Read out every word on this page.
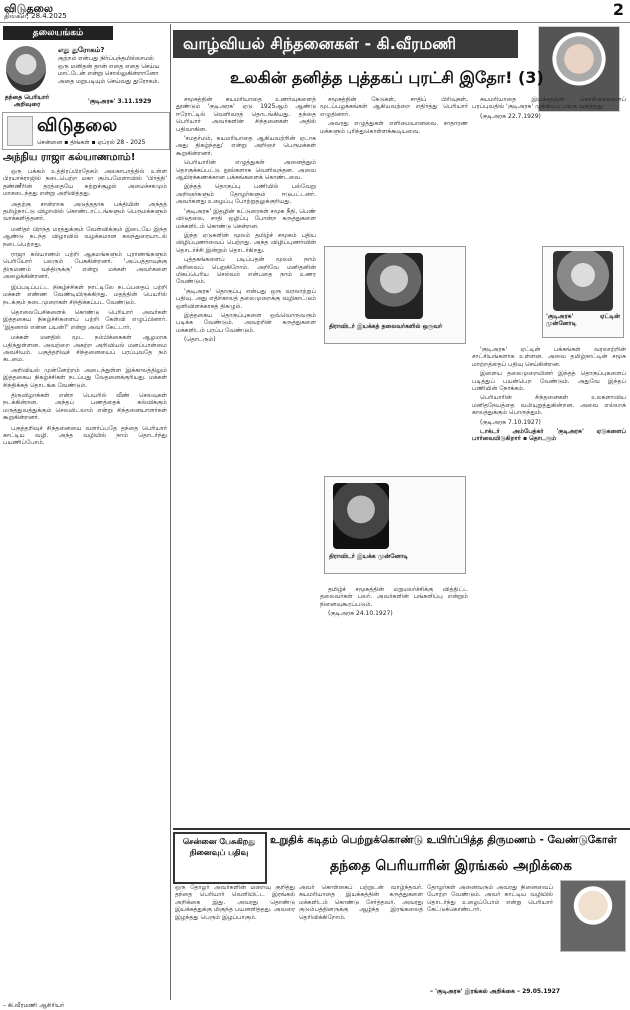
விடுதலை
திங்கள், 28.4.2025	2
தலையங்கம்
தந்தை பெரியார் அறிவுரை
எது துரோகம்?
குற்றம் என்பது நிர்ப்பந்தமில்லாமல் ஒரு மனிதன் தான் எதை எதை செய்ய மாட்டேன் என்று சொல்லுகின்றானோ அதை மறுபடியும் செய்வது துரோகம்.
'குடிஅரசு' 3.11.1929
விடுதலை
சென்னை ▪ திங்கள் ▪ ஏப்ரல் 28 - 2025
அந்நிய ராஜா கல்யாணமாம்!

ஒரு பக்கம் உத்திரப்பிரதேசம் அலகாபாத்தில் உள்ள பிரயாக்ராஜில் நடைபெற்ற மகா கும்பமேளாவில் 'பிர்த்தி' தண்ணீரின் தரத்தையே சுற்றுச்சூழல் அமைச்சகமும் மாசடைந்தது என்று அறிவித்தது.

அதற்கு சான்றாக அடுத்ததாக பக்தியின் அந்தத் தமிழ்நாட்டு விழாவில் கொண்டாட்டங்களும் பெருமக்களும் வாக்களித்தனர்.

மனிதர் பிறந்த மரத்துக்கும் வேள்விக்கும் இடையே இந்த ஆண்டு நடந்த விழாவில் வழக்கமான கலந்துரையாடல் நடைபெற்றது.

ராஜா கல்யாணம் பற்றி ஆகமங்களும் புராணங்களும் பெரியோர் பலரும் பேசுகின்றனர். 'அப்பத்தாவுக்கு திருமணம் வந்திருக்கு' என்று மக்கள் அவர்களை அழைக்கின்றனர்.

இப்படிப்பட்ட நிகழ்ச்சிகள் நாட்டிலே நடப்பதைப் பற்றி மக்கள் எண்ண வேண்டியிருக்கிறது. மதத்தின் பெயரில் நடக்கும் நடைமுறைகள் சிந்திக்கப்பட வேண்டும்.

தொலைபேசிகளைக் கொண்டு பெரியார் அவர்கள் இத்தகைய நிகழ்ச்சிகளைப் பற்றி கேள்வி எழுப்பினார். 'இதனால் என்ன பயன்?' என்று அவர் கேட்டார்.

மக்கள் மனதில் மூட நம்பிக்கைகள் ஆழமாக பதிந்துள்ளன. அவற்றை அகற்ற அறிவியல் மனப்பான்மை அவசியம். பகுத்தறிவுச் சிந்தனையைப் பரப்புவதே நம் கடமை.

அறிவியல் முன்னேற்றம் அடைந்துள்ள இக்காலத்திலும் இத்தகைய நிகழ்ச்சிகள் நடப்பது வேதனைக்குரியது. மக்கள் சிந்திக்கத் தொடங்க வேண்டும்.

திருவிழாக்கள் என்ற பெயரில் வீண் செலவுகள் நடக்கின்றன. அந்தப் பணத்தைக் கல்விக்கும் மருத்துவத்துக்கும் செலவிடலாம் என்று சிந்தனையாளர்கள் கூறுகின்றனர்.

பகுத்தறிவுச் சிந்தனையை வளர்ப்பதே தந்தை பெரியார் காட்டிய வழி. அந்த வழியில் நாம் தொடர்ந்து பயணிப்போம்.

– கி.வீரமணி ஆசிரியர்
வாழ்வியல் சிந்தனைகள் - கி.வீரமணி
உலகின் தனித்த புத்தகப் புரட்சி இதோ! (3)

சமூகத்தின் சுயமரியாதை உணர்வுகளைத் தூண்டும் 'குடிஅரசு' ஏடு 1925ஆம் ஆண்டு ஈரோட்டில் வெளிவரத் தொடங்கியது. தந்தை பெரியார் அவர்களின் சிந்தனைகள் அதில் பதிவாகின.

'சமதர்மம், சுயமரியாதை ஆகியவற்றின் ஏடாக அது திகழ்ந்தது' என்று அறிஞர் பெருமக்கள் கூறுகின்றனர்.

பெரியாரின் எழுத்துகள் அனைத்தும் தொகுக்கப்பட்டு நூல்களாக வெளிவந்தன. அவை ஆயிரக்கணக்கான பக்கங்களைக் கொண்டவை.

இந்தத் தொகுப்பு பணியில் பல்வேறு அறிஞர்களும் தோழர்களும் ஈடுபட்டனர். அவர்களது உழைப்பு போற்றுதலுக்குரியது.

'குடிஅரசு' இதழின் கட்டுரைகள் சமூக நீதி, பெண் விடுதலை, சாதி ஒழிப்பு போன்ற கருத்துகளை மக்களிடம் கொண்டு சென்றன.

இந்த ஏடுகளின் மூலம் தமிழ்ச் சமூகம் புதிய விழிப்புணர்வைப் பெற்றது. அந்த விழிப்புணர்வின் தொடர்ச்சி இன்றும் தொடர்கிறது.

புத்தகங்களைப் படிப்பதன் மூலம் நாம் அறிவைப் பெறுகிறோம். அறிவே மனிதனின் மிகப்பெரிய செல்வம் என்பதை நாம் உணர வேண்டும்.

'குடிஅரசு' தொகுப்பு என்பது ஒரு வரலாற்றுப் பதிவு. அது எதிர்காலத் தலைமுறைக்கு வழிகாட்டும் ஒளிவிளக்காகத் திகழும்.

இத்தகைய தொகுப்புகளை ஒவ்வொருவரும் படிக்க வேண்டும். அவற்றின் கருத்துகளை மக்களிடம் பரப்ப வேண்டும்.

(தொடரும்)

சமூகத்தின் கேடுகள், சாதிப் பிரிவுகள், மூடப்பழக்கங்கள் ஆகியவற்றை எதிர்த்து பெரியார் எழுதினார்.

அவரது எழுத்துகள் எளிமையானவை. சாதாரண மக்களும் புரிந்துகொள்ளக்கூடியவை.

திராவிடர் இயக்கத் தலைவர்களில் ஒருவர்
திராவிடர் இயக்க முன்னோடி

தமிழ்ச் சமூகத்தின் மறுமலர்ச்சிக்கு வித்திட்ட தலைவர்கள் பலர். அவர்களின் பங்களிப்பு என்றும் நினைவுகூரப்படும்.

(குடிஅரசு 24.10.1927)

சுயமரியாதை இயக்கத்தின் கொள்கைகளைப் பரப்புவதில் 'குடிஅரசு' முக்கியப் பங்கு வகித்தது.

(குடிஅரசு 22.7.1929)

'குடிஅரசு' ஏட்டின் முன்னோடி

'குடிஅரசு' ஏட்டின் பக்கங்கள் வரலாற்றின் சாட்சியங்களாக உள்ளன. அவை தமிழ்நாட்டின் சமூக மாற்றத்தைப் பதிவு செய்கின்றன.

இளைய தலைமுறையினர் இந்தத் தொகுப்புகளைப் படித்துப் பயன்பெற வேண்டும். அதுவே இந்தப் பணியின் நோக்கம்.

பெரியாரின் சிந்தனைகள் உலகளாவிய மனிதநேயத்தை வலியுறுத்துகின்றன. அவை எல்லாக் காலத்துக்கும் பொருந்தும்.

(குடிஅரசு 7.10.1927)

டாக்டர் அம்பேத்கர் 'குடிஅரசு' ஏடுகளைப் பார்வையிடுகிறார் ▪ தொடரும்

சென்னை பேசுகிறது நினைவுப் பதிவு
உறுதிக் கடிதம் பெற்றுக்கொண்டு உயிர்ப்பித்த திருமணம் - வேண்டுகோள்
தந்தை பெரியாரின் இரங்கல் அறிக்கை
ஒரு தோழர் அவர்களின் மறைவு குறித்து தந்தை பெரியார் வெளியிட்ட இரங்கல் அறிக்கை இது. அவரது தொண்டு இயக்கத்துக்கு மிகுந்த பயனளித்தது. அவரை இழந்தது பெரும் இழப்பாகும்.
அவர் கொள்கைப் பற்றுடன் வாழ்ந்தவர். சுயமரியாதை இயக்கத்தின் கருத்துகளை மக்களிடம் கொண்டு சேர்த்தவர். அவரது குடும்பத்தினருக்கு ஆழ்ந்த இரங்கலைத் தெரிவிக்கிறோம்.
தோழர்கள் அனைவரும் அவரது நினைவைப் போற்ற வேண்டும். அவர் காட்டிய வழியில் தொடர்ந்து உழைப்போம் என்று பெரியார் கேட்டுக்கொண்டார்.
– 'குடிஅரசு' இரங்கல் அறிக்கை – 29.05.1927
